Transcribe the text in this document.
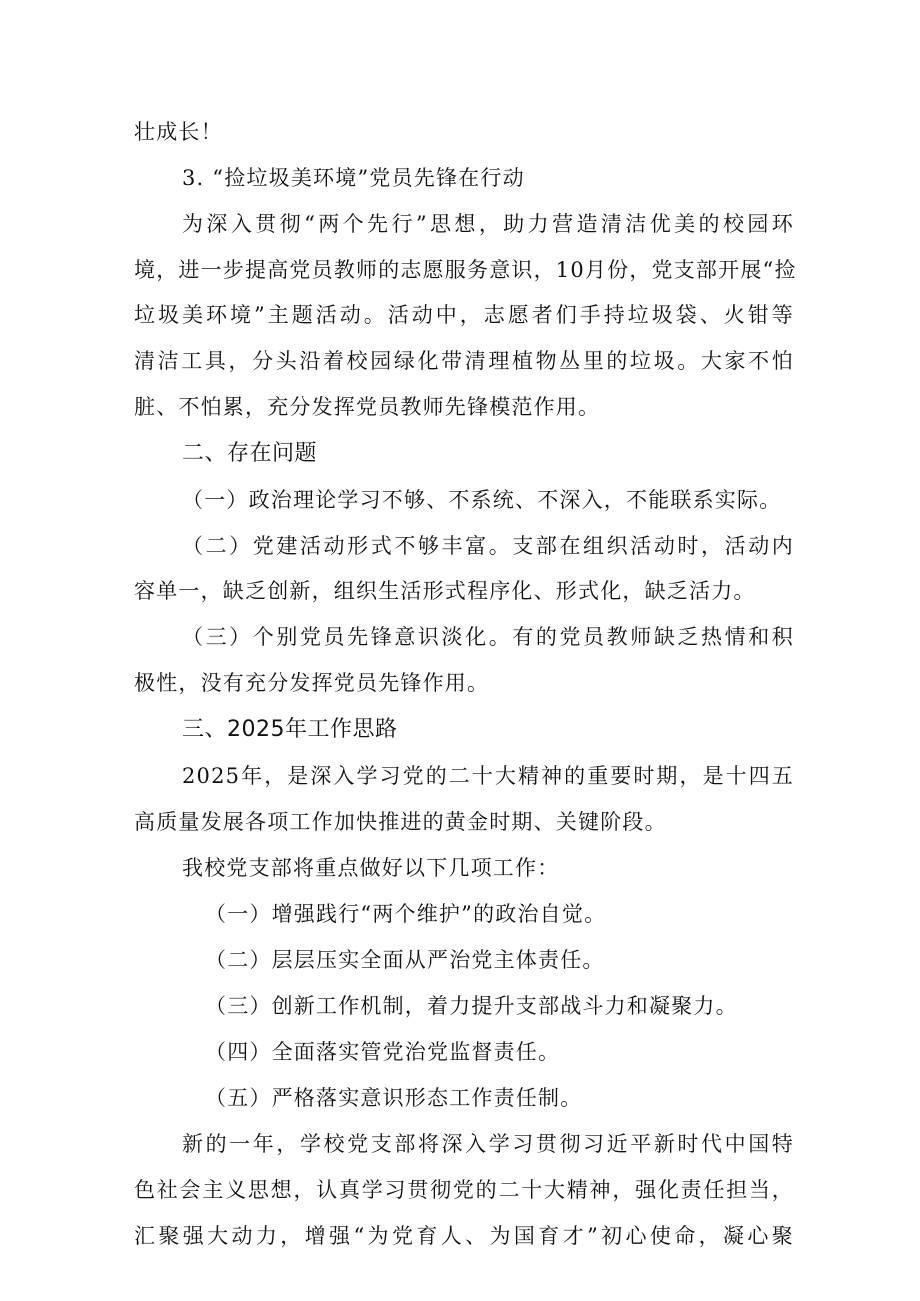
壮成长！
3. “捡垃圾美环境”党员先锋在行动
为深入贯彻“两个先行”思想，助力营造清洁优美的校园环
境，进一步提高党员教师的志愿服务意识，10月份，党支部开展“捡
垃圾美环境”主题活动。活动中，志愿者们手持垃圾袋、火钳等
清洁工具，分头沿着校园绿化带清理植物丛里的垃圾。大家不怕
脏、不怕累，充分发挥党员教师先锋模范作用。
二、存在问题
（一）政治理论学习不够、不系统、不深入，不能联系实际。
（二）党建活动形式不够丰富。支部在组织活动时，活动内
容单一，缺乏创新，组织生活形式程序化、形式化，缺乏活力。
（三）个别党员先锋意识淡化。有的党员教师缺乏热情和积
极性，没有充分发挥党员先锋作用。
三、2025年工作思路
2025年，是深入学习党的二十大精神的重要时期，是十四五
高质量发展各项工作加快推进的黄金时期、关键阶段。
我校党支部将重点做好以下几项工作：
（一）增强践行“两个维护”的政治自觉。
（二）层层压实全面从严治党主体责任。
（三）创新工作机制，着力提升支部战斗力和凝聚力。
（四）全面落实管党治党监督责任。
（五）严格落实意识形态工作责任制。
新的一年，学校党支部将深入学习贯彻习近平新时代中国特
色社会主义思想，认真学习贯彻党的二十大精神，强化责任担当，
汇聚强大动力，增强“为党育人、为国育才”初心使命，凝心聚
